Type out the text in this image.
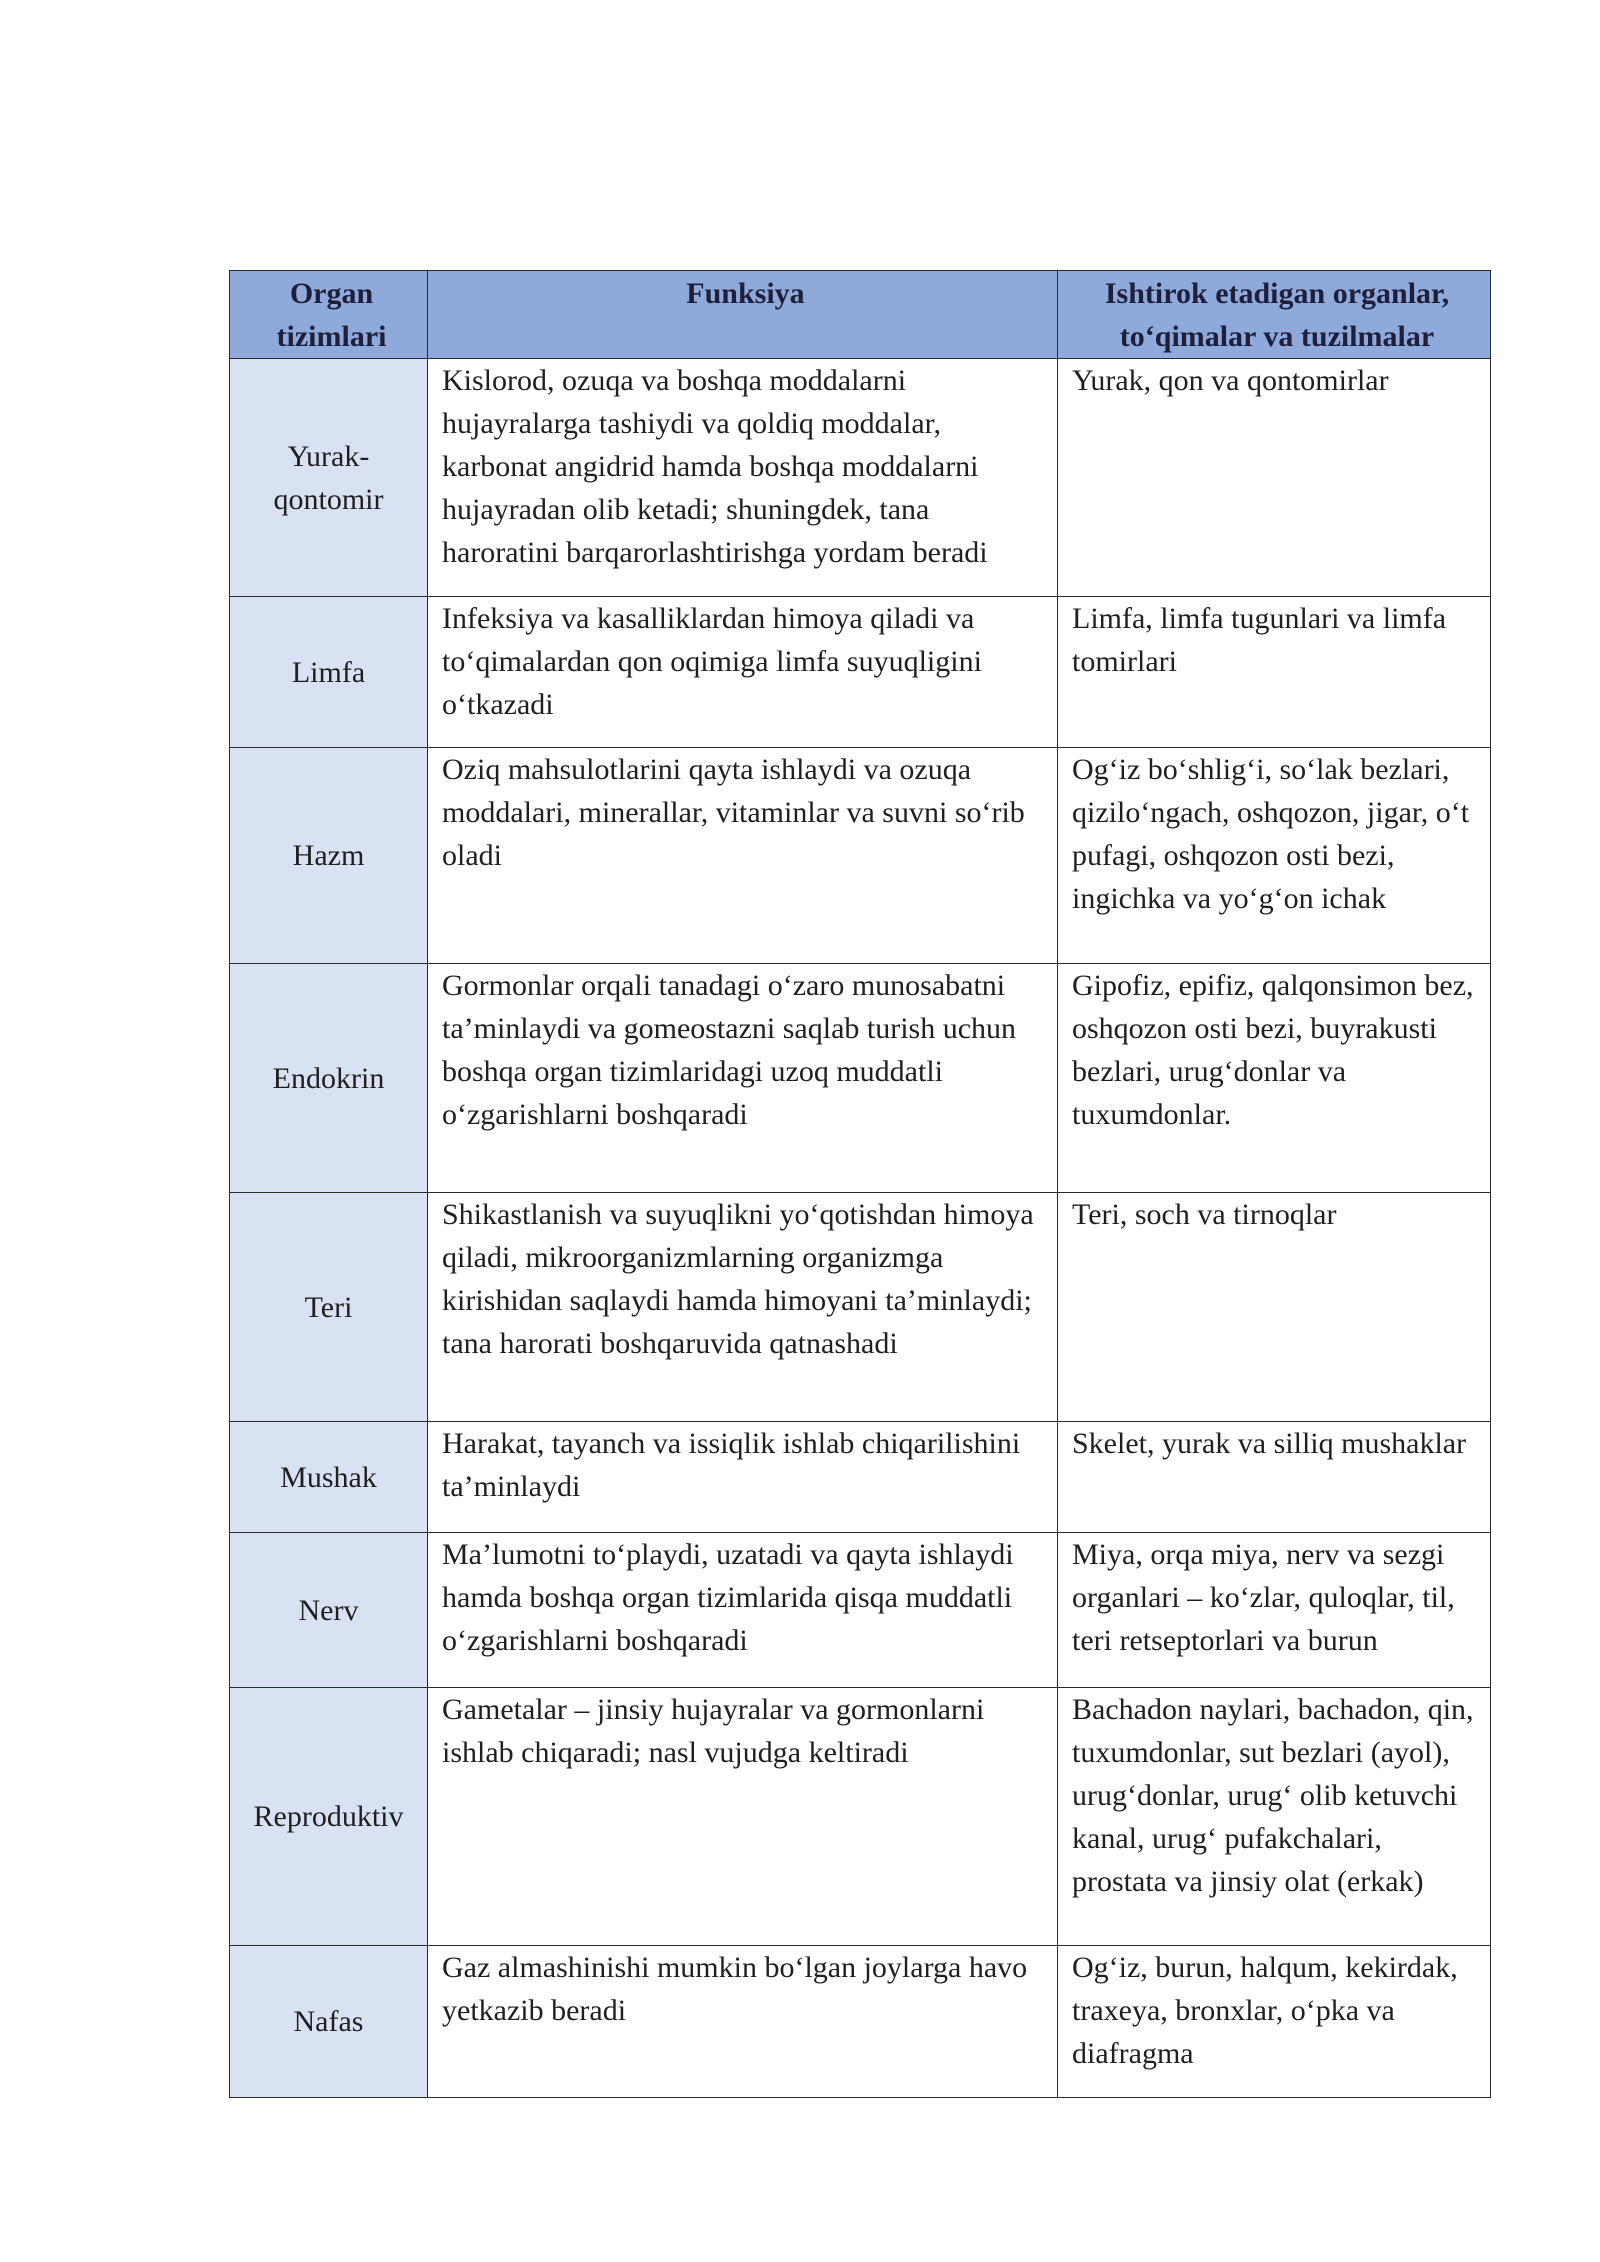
Organ tizimlari	Funksiya	Ishtirok etadigan organlar, to‘qimalar va tuzilmalar
Yurak-qontomir	Kislorod, ozuqa va boshqa moddalarni hujayralarga tashiydi va qoldiq moddalar, karbonat angidrid hamda boshqa moddalarni hujayradan olib ketadi; shuningdek, tana haroratini barqarorlashtirishga yordam beradi	Yurak, qon va qontomirlar
Limfa	Infeksiya va kasalliklardan himoya qiladi va to‘qimalardan qon oqimiga limfa suyuqligini o‘tkazadi	Limfa, limfa tugunlari va limfa tomirlari
Hazm	Oziq mahsulotlarini qayta ishlaydi va ozuqa moddalari, minerallar, vitaminlar va suvni so‘rib oladi	Og‘iz bo‘shlig‘i, so‘lak bezlari, qizilo‘ngach, oshqozon, jigar, o‘t pufagi, oshqozon osti bezi, ingichka va yo‘g‘on ichak
Endokrin	Gormonlar orqali tanadagi o‘zaro munosabatni ta’minlaydi va gomeostazni saqlab turish uchun boshqa organ tizimlaridagi uzoq muddatli o‘zgarishlarni boshqaradi	Gipofiz, epifiz, qalqonsimon bez, oshqozon osti bezi, buyrakusti bezlari, urug‘donlar va tuxumdonlar.
Teri	Shikastlanish va suyuqlikni yo‘qotishdan himoya qiladi, mikroorganizmlarning organizmga kirishidan saqlaydi hamda himoyani ta’minlaydi; tana harorati boshqaruvida qatnashadi	Teri, soch va tirnoqlar
Mushak	Harakat, tayanch va issiqlik ishlab chiqarilishini ta’minlaydi	Skelet, yurak va silliq mushaklar
Nerv	Ma’lumotni to‘playdi, uzatadi va qayta ishlaydi hamda boshqa organ tizimlarida qisqa muddatli o‘zgarishlarni boshqaradi	Miya, orqa miya, nerv va sezgi organlari – ko‘zlar, quloqlar, til, teri retseptorlari va burun
Reproduktiv	Gametalar – jinsiy hujayralar va gormonlarni ishlab chiqaradi; nasl vujudga keltiradi	Bachadon naylari, bachadon, qin, tuxumdonlar, sut bezlari (ayol), urug‘donlar, urug‘ olib ketuvchi kanal, urug‘ pufakchalari, prostata va jinsiy olat (erkak)
Nafas	Gaz almashinishi mumkin bo‘lgan joylarga havo yetkazib beradi	Og‘iz, burun, halqum, kekirdak, traxeya, bronxlar, o‘pka va diafragma
